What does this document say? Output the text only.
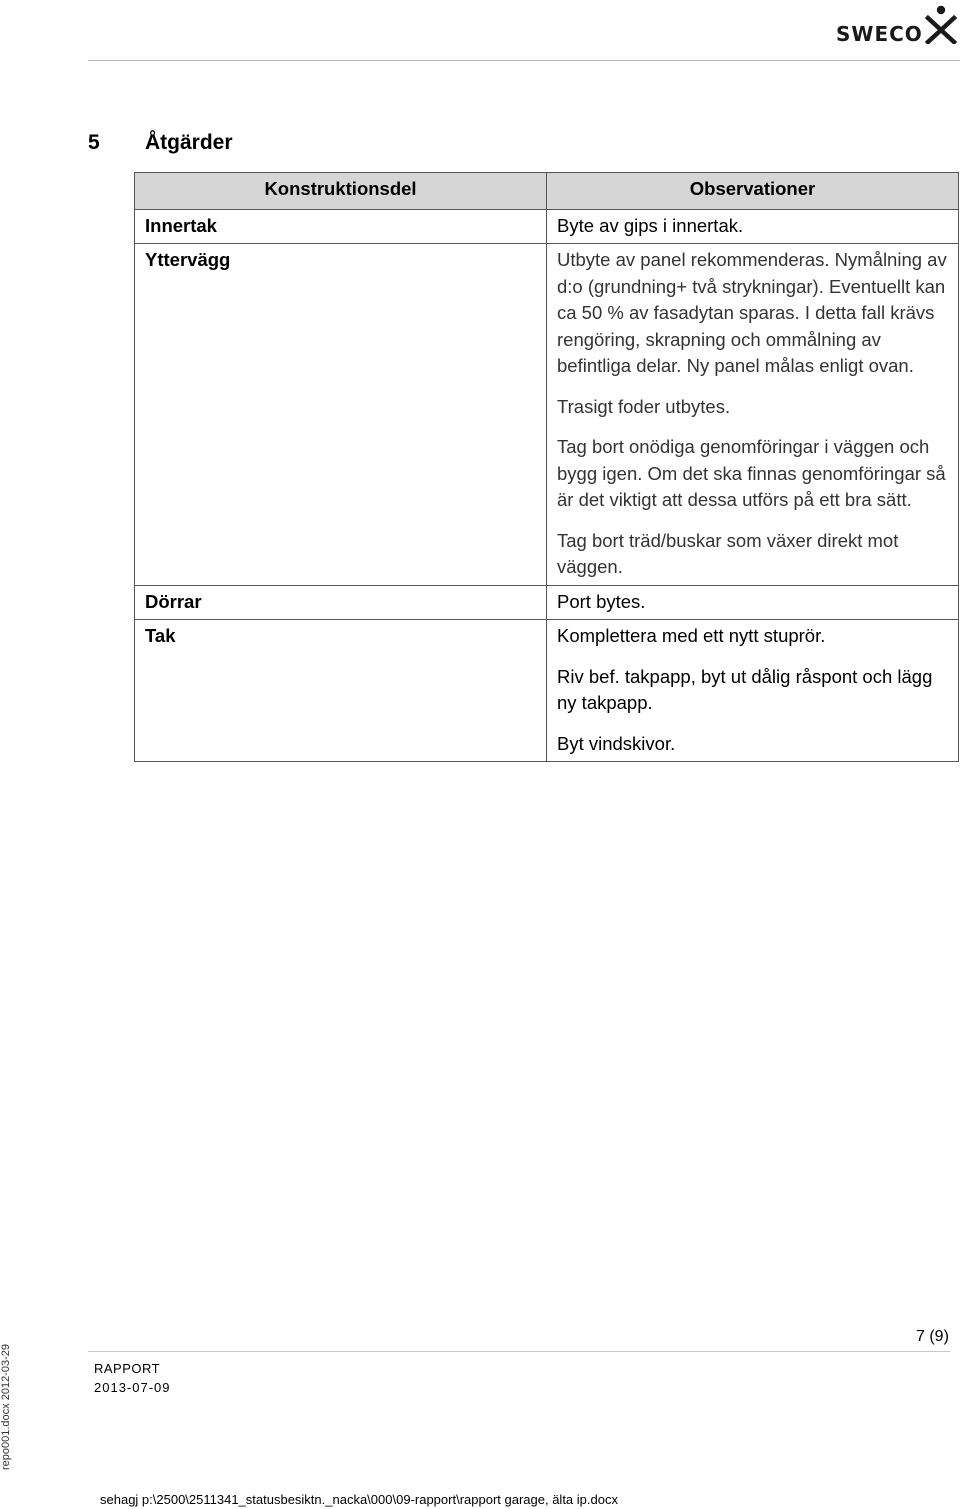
SWECO
5 Åtgärder
Konstruktionsdel	Observationer
Innertak	Byte av gips i innertak.

Yttervägg	Utbyte av panel rekommenderas. Nymålning av d:o (grundning+ två strykningar). Eventuellt kan ca 50 % av fasadytan sparas. I detta fall krävs rengöring, skrapning och ommålning av befintliga delar. Ny panel målas enligt ovan.
Trasigt foder utbytes.
Tag bort onödiga genomföringar i väggen och bygg igen. Om det ska finnas genomföringar så är det viktigt att dessa utförs på ett bra sätt.
Tag bort träd/buskar som växer direkt mot väggen.

Dörrar	Port bytes.

Tak	Komplettera med ett nytt stuprör.
Riv bef. takpapp, byt ut dålig råspont och lägg ny takpapp.
Byt vindskivor.
7 (9)
RAPPORT
2013-07-09
sehagj p:\2500\2511341_statusbesiktn._nacka\000\09-rapport\rapport garage, älta ip.docx
repo001.docx 2012-03-29
